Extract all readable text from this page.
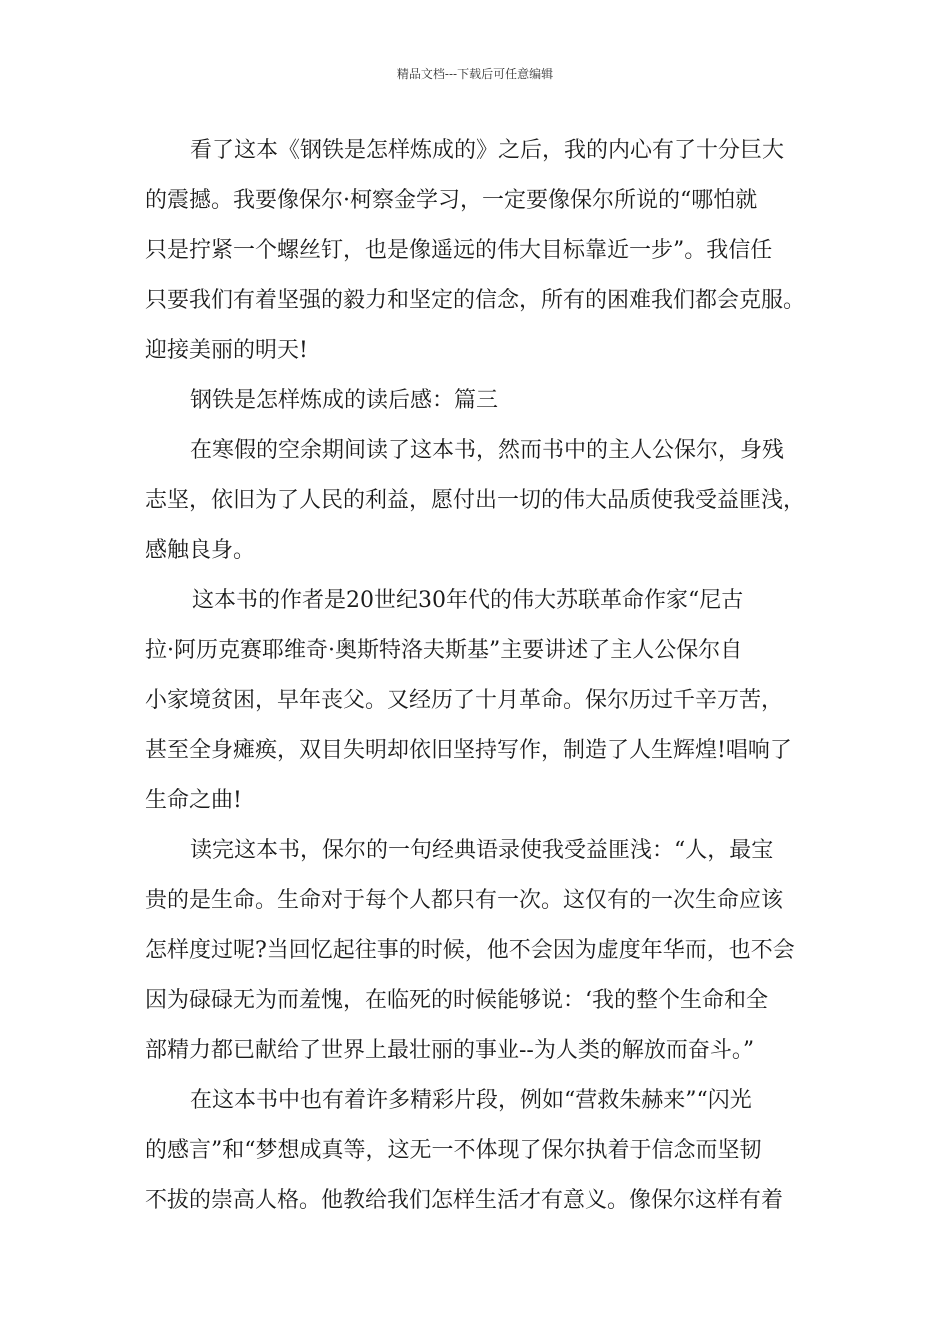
精品文档---下载后可任意编辑
看了这本《钢铁是怎样炼成的》之后，我的内心有了十分巨大
的震撼。我要像保尔·柯察金学习，一定要像保尔所说的“哪怕就
只是拧紧一个螺丝钉，也是像遥远的伟大目标靠近一步”。我信任
只要我们有着坚强的毅力和坚定的信念，所有的困难我们都会克服。
迎接美丽的明天!
钢铁是怎样炼成的读后感：篇三
在寒假的空余期间读了这本书，然而书中的主人公保尔，身残
志坚，依旧为了人民的利益，愿付出一切的伟大品质使我受益匪浅，
感触良身。
这本书的作者是20世纪30年代的伟大苏联革命作家“尼古
拉·阿历克赛耶维奇·奥斯特洛夫斯基”主要讲述了主人公保尔自
小家境贫困，早年丧父。又经历了十月革命。保尔历过千辛万苦，
甚至全身瘫痪，双目失明却依旧坚持写作，制造了人生辉煌!唱响了
生命之曲!
读完这本书，保尔的一句经典语录使我受益匪浅：“人，最宝
贵的是生命。生命对于每个人都只有一次。这仅有的一次生命应该
怎样度过呢?当回忆起往事的时候，他不会因为虚度年华而，也不会
因为碌碌无为而羞愧，在临死的时候能够说：‘我的整个生命和全
部精力都已献给了世界上最壮丽的事业--为人类的解放而奋斗。”
在这本书中也有着许多精彩片段，例如“营救朱赫来”“闪光
的感言”和“梦想成真等，这无一不体现了保尔执着于信念而坚韧
不拔的崇高人格。他教给我们怎样生活才有意义。像保尔这样有着
